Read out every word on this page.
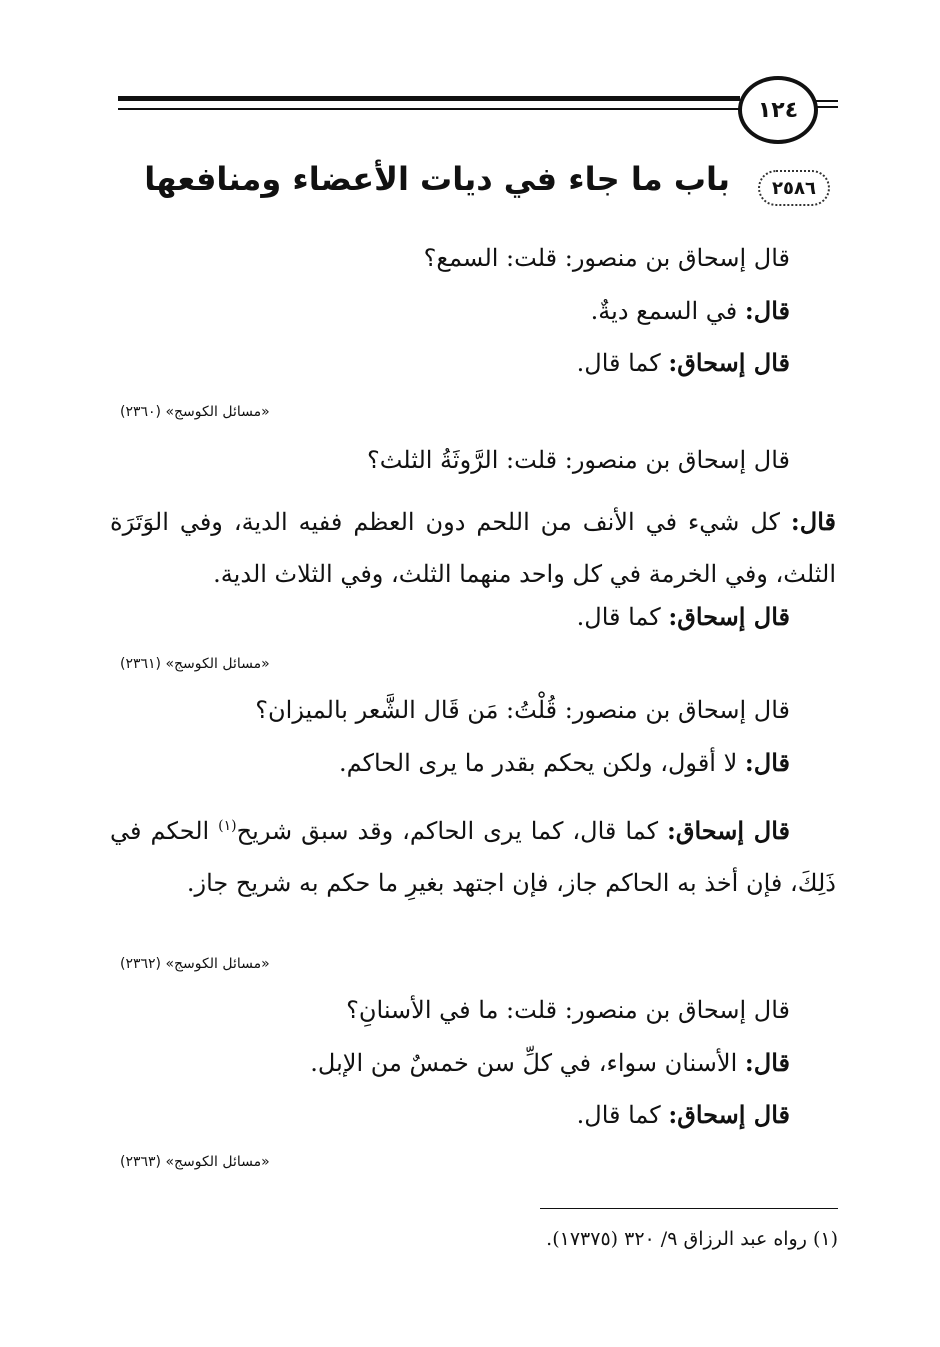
١٢٤
٢٥٨٦
باب ما جاء في ديات الأعضاء ومنافعها
قال إسحاق بن منصور: قلت: السمع؟
قال: في السمع ديةٌ.
قال إسحاق: كما قال.
«مسائل الكوسج» (٢٣٦٠)
قال إسحاق بن منصور: قلت: الرَّوثَةُ الثلث؟
قال: كل شيء في الأنف من اللحم دون العظم ففيه الدية، وفي الوَتَرَة الثلث، وفي الخرمة في كل واحد منهما الثلث، وفي الثلاث الدية.
قال إسحاق: كما قال.
«مسائل الكوسج» (٢٣٦١)
قال إسحاق بن منصور: قُلْتُ: مَن قَال الشَّعر بالميزان؟
قال: لا أقول، ولكن يحكم بقدر ما يرى الحاكم.
قال إسحاق: كما قال، كما يرى الحاكم، وقد سبق شريح$^{(١)}$ الحكم في ذَلِكَ، فإن أخذ به الحاكم جاز، فإن اجتهد بغيرِ ما حكم به شريح جاز.
«مسائل الكوسج» (٢٣٦٢)
قال إسحاق بن منصور: قلت: ما في الأسنانِ؟
قال: الأسنان سواء، في كلِّ سن خمسٌ من الإبل.
قال إسحاق: كما قال.
«مسائل الكوسج» (٢٣٦٣)
(١) رواه عبد الرزاق ٩/ ٣٢٠ (١٧٣٧٥).
